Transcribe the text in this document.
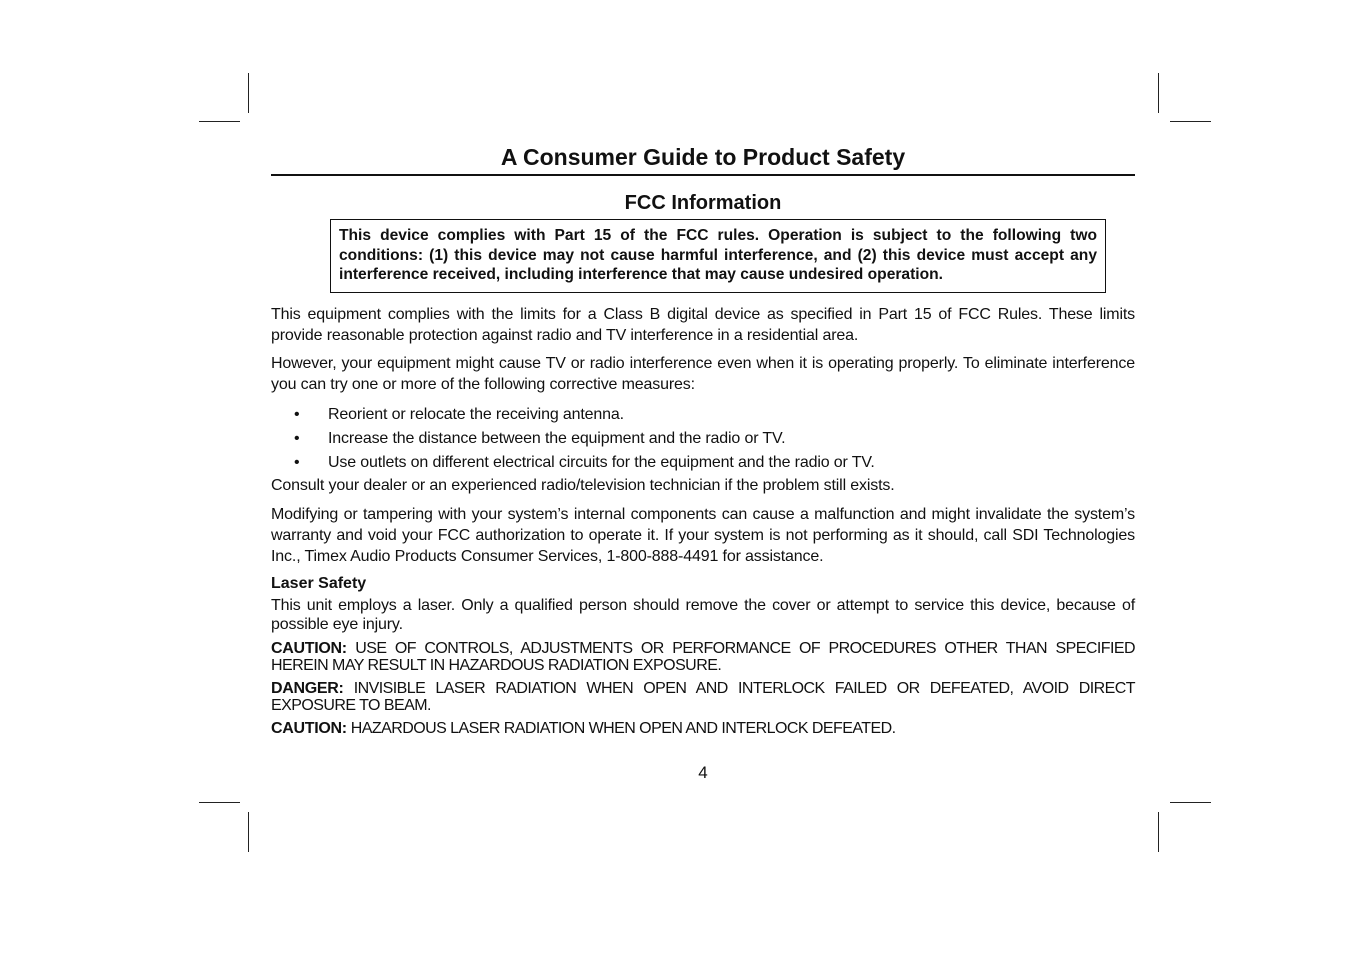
A Consumer Guide to Product Safety
FCC Information
This device complies with Part 15 of the FCC rules. Operation is subject to the following two conditions: (1) this device may not cause harmful interference, and (2) this device must accept any interference received, including interference that may cause undesired operation.

This equipment complies with the limits for a Class B digital device as specified in Part 15 of FCC Rules. These limits provide reasonable protection against radio and TV interference in a residential area.

However, your equipment might cause TV or radio interference even when it is operating properly. To eliminate interference you can try one or more of the following corrective measures:

• Reorient or relocate the receiving antenna.
• Increase the distance between the equipment and the radio or TV.
• Use outlets on different electrical circuits for the equipment and the radio or TV.

Consult your dealer or an experienced radio/television technician if the problem still exists.

Modifying or tampering with your system’s internal components can cause a malfunction and might invalidate the system’s warranty and void your FCC authorization to operate it. If your system is not performing as it should, call SDI Technologies Inc., Timex Audio Products Consumer Services, 1-800-888-4491 for assistance.

Laser Safety

This unit employs a laser. Only a qualified person should remove the cover or attempt to service this device, because of possible eye injury.

CAUTION: USE OF CONTROLS, ADJUSTMENTS OR PERFORMANCE OF PROCEDURES OTHER THAN SPECIFIED HEREIN MAY RESULT IN HAZARDOUS RADIATION EXPOSURE.
DANGER: INVISIBLE LASER RADIATION WHEN OPEN AND INTERLOCK FAILED OR DEFEATED, AVOID DIRECT EXPOSURE TO BEAM.
CAUTION: HAZARDOUS LASER RADIATION WHEN OPEN AND INTERLOCK DEFEATED.
4
